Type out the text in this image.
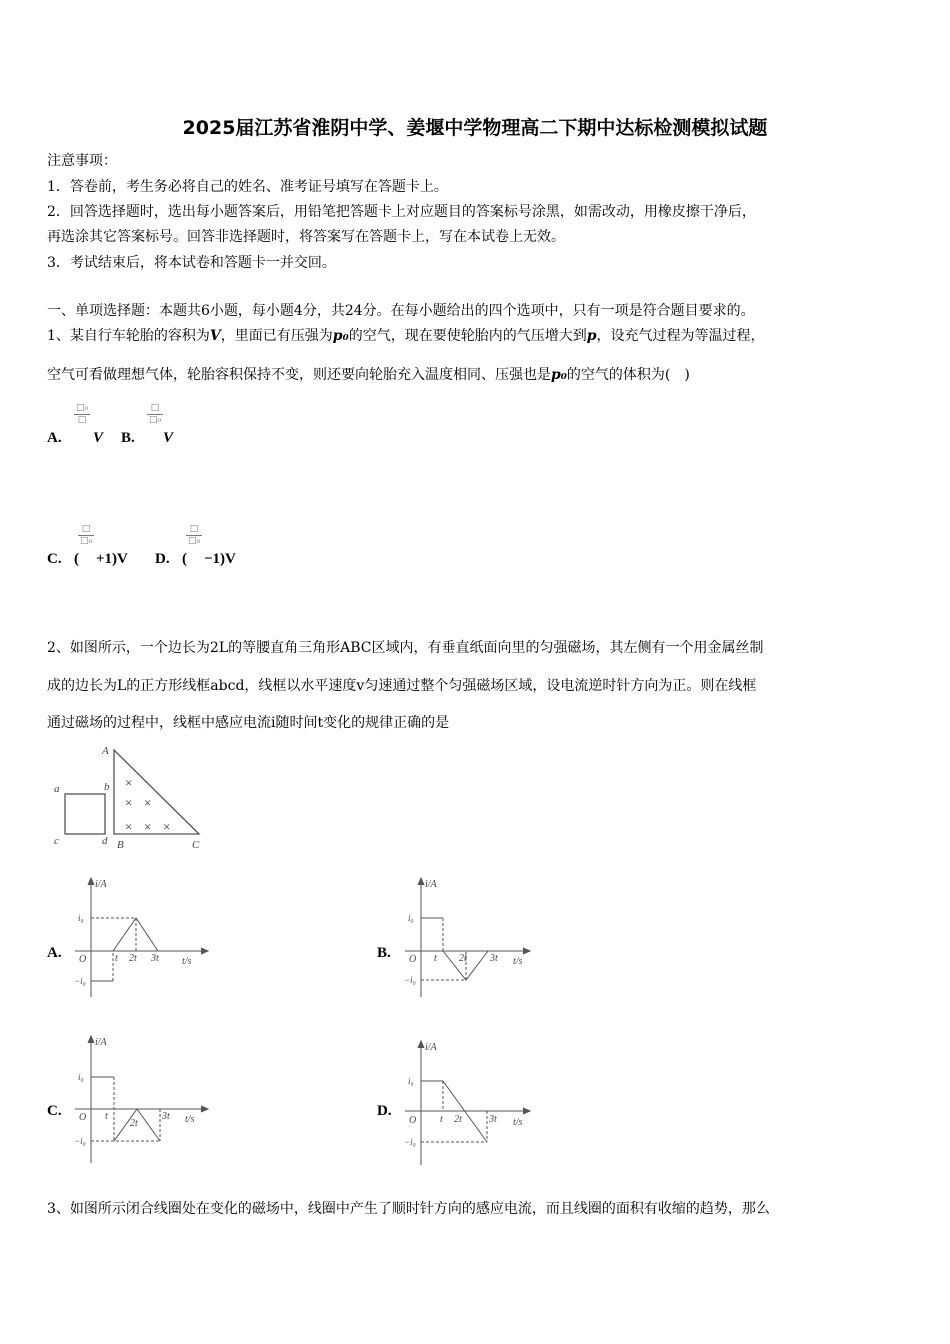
2025届江苏省淮阴中学、姜堰中学物理高二下期中达标检测模拟试题
注意事项：
1．答卷前，考生务必将自己的姓名、准考证号填写在答题卡上。
2．回答选择题时，选出每小题答案后，用铅笔把答题卡上对应题目的答案标号涂黑，如需改动，用橡皮擦干净后，
再选涂其它答案标号。回答非选择题时，将答案写在答题卡上，写在本试卷上无效。
3．考试结束后，将本试卷和答题卡一并交回。
一、单项选择题：本题共6小题，每小题4分，共24分。在每小题给出的四个选项中，只有一项是符合题目要求的。
1、某自行车轮胎的容积为V，里面已有压强为p₀的空气，现在要使轮胎内的气压增大到p，设充气过程为等温过程，
空气可看做理想气体，轮胎容积保持不变，则还要向轮胎充入温度相同、压强也是p₀的空气的体积为(　)
A.
$\frac{\text{□₀}}{□}$
V B.
$\frac{□}{\text{□₀}}$
V
C. (
$\frac{□}{\text{□₀}}$
+1)V D. (
$\frac{□}{\text{□₀}}$
−1)V
2、如图所示，一个边长为2L的等腰直角三角形ABC区域内，有垂直纸面向里的匀强磁场，其左侧有一个用金属丝制
成的边长为L的正方形线框abcd，线框以水平速度v匀速通过整个匀强磁场区域，设电流逆时针方向为正。则在线框
通过磁场的过程中，线框中感应电流i随时间t变化的规律正确的是
A
a	b
c	d B	C
×
× ×
× × ×
A.
i/A
i₀
−i₀
O	t 2t 3t t/s
B.
i/A
i₀
−i₀
O t 2t 3t t/s
C.
i/A
i₀
−i₀
O t
2t
3t t/s
D.
i/A
i₀
−i₀
O t 2t	3t t/s
3、如图所示闭合线圈处在变化的磁场中，线圈中产生了顺时针方向的感应电流，而且线圈的面积有收缩的趋势，那么
